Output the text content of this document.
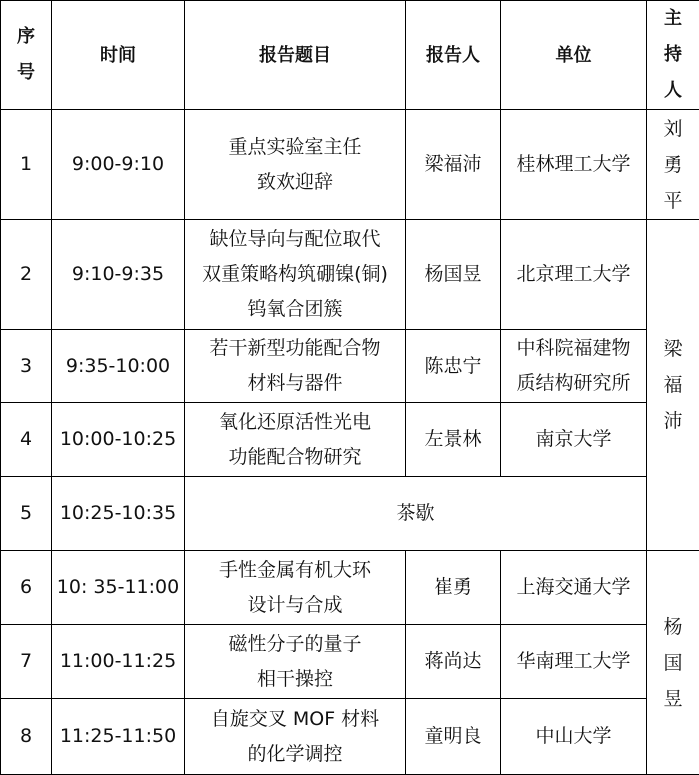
序号	时间	报告题目	报告人	单位	主持人

1	9:00-9:10	重点实验室主任
致欢迎辞	梁福沛	桂林理工大学	刘勇平

2	9:10-9:35	缺位导向与配位取代
双重策略构筑硼镍(铜)
钨氧合团簇	杨国昱	北京理工大学	梁福沛

3	9:35-10:00	若干新型功能配合物
材料与器件	陈忠宁	中科院福建物
质结构研究所	

4	10:00-10:25	氧化还原活性光电
功能配合物研究	左景林	南京大学	

5	10:25-10:35	茶歇			
6	10: 35-11:00	手性金属有机大环
设计与合成	崔勇	上海交通大学	杨国昱

7	11:00-11:25	磁性分子的量子
相干操控	蒋尚达	华南理工大学	

8	11:25-11:50	自旋交叉 MOF 材料
的化学调控	童明良	中山大学	
